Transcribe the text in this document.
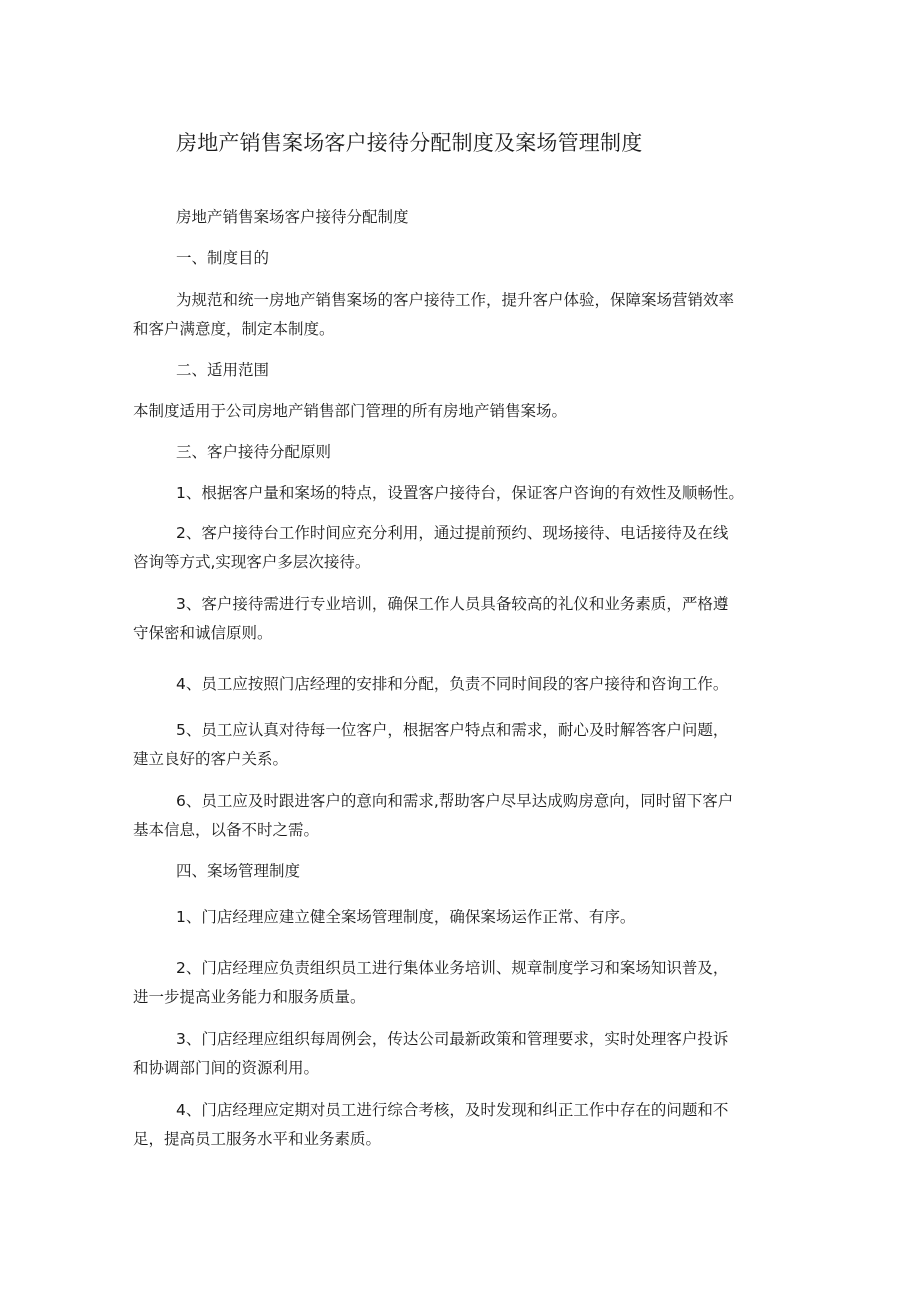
房地产销售案场客户接待分配制度及案场管理制度

房地产销售案场客户接待分配制度

一、制度目的

为规范和统一房地产销售案场的客户接待工作，提升客户体验，保障案场营销效率

和客户满意度，制定本制度。

二、适用范围

本制度适用于公司房地产销售部门管理的所有房地产销售案场。

三、客户接待分配原则

1、根据客户量和案场的特点，设置客户接待台，保证客户咨询的有效性及顺畅性。

2、客户接待台工作时间应充分利用，通过提前预约、现场接待、电话接待及在线

咨询等方式,实现客户多层次接待。

3、客户接待需进行专业培训，确保工作人员具备较高的礼仪和业务素质，严格遵

守保密和诚信原则。

4、员工应按照门店经理的安排和分配，负责不同时间段的客户接待和咨询工作。

5、员工应认真对待每一位客户，根据客户特点和需求，耐心及时解答客户问题，

建立良好的客户关系。

6、员工应及时跟进客户的意向和需求,帮助客户尽早达成购房意向，同时留下客户

基本信息，以备不时之需。

四、案场管理制度

1、门店经理应建立健全案场管理制度，确保案场运作正常、有序。

2、门店经理应负责组织员工进行集体业务培训、规章制度学习和案场知识普及，

进一步提高业务能力和服务质量。

3、门店经理应组织每周例会，传达公司最新政策和管理要求，实时处理客户投诉

和协调部门间的资源利用。

4、门店经理应定期对员工进行综合考核，及时发现和纠正工作中存在的问题和不

足，提高员工服务水平和业务素质。
